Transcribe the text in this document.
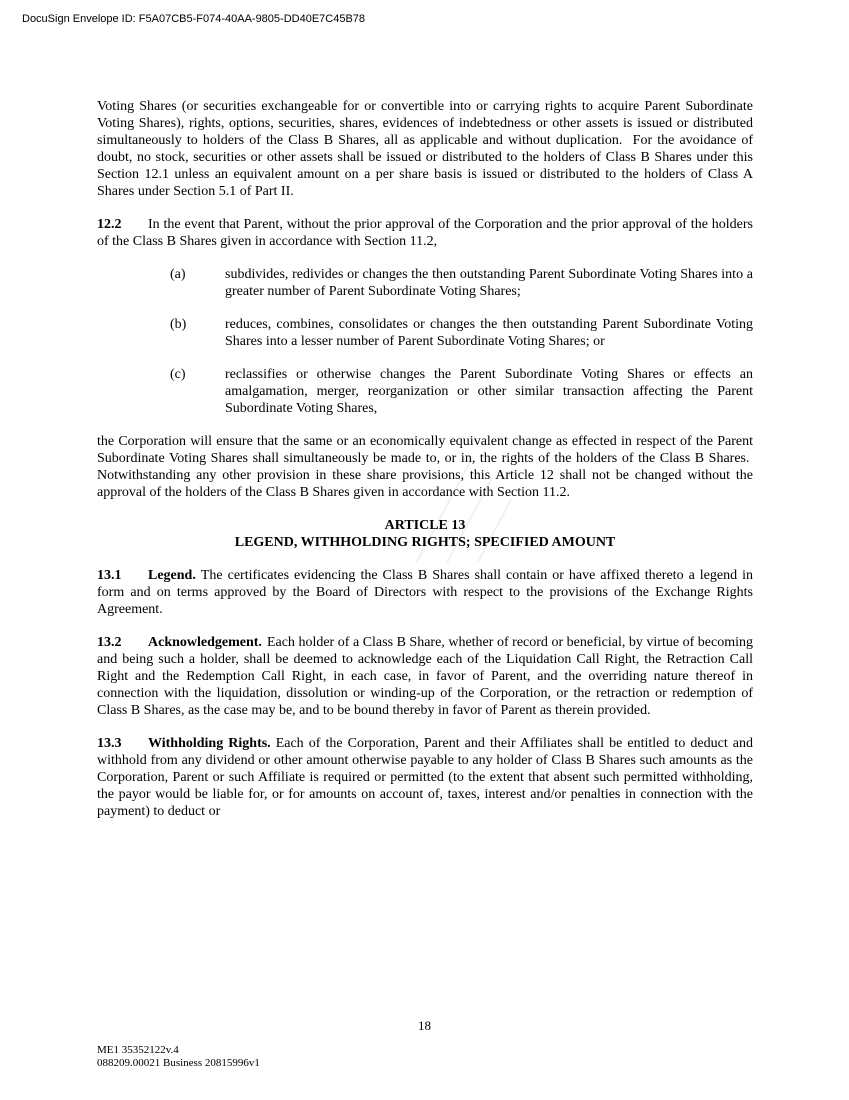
DocuSign Envelope ID: F5A07CB5-F074-40AA-9805-DD40E7C45B78

Voting Shares (or securities exchangeable for or convertible into or carrying rights to acquire Parent Subordinate Voting Shares), rights, options, securities, shares, evidences of indebtedness or other assets is issued or distributed simultaneously to holders of the Class B Shares, all as applicable and without duplication.  For the avoidance of doubt, no stock, securities or other assets shall be issued or distributed to the holders of Class B Shares under this Section 12.1 unless an equivalent amount on a per share basis is issued or distributed to the holders of Class A Shares under Section 5.1 of Part II.

12.2 In the event that Parent, without the prior approval of the Corporation and the prior approval of the holders of the Class B Shares given in accordance with Section 11.2,

(a)	subdivides, redivides or changes the then outstanding Parent Subordinate Voting Shares into a greater number of Parent Subordinate Voting Shares;
(b)	reduces, combines, consolidates or changes the then outstanding Parent Subordinate Voting Shares into a lesser number of Parent Subordinate Voting Shares; or
(c)	reclassifies or otherwise changes the Parent Subordinate Voting Shares or effects an amalgamation, merger, reorganization or other similar transaction affecting the Parent Subordinate Voting Shares,

the Corporation will ensure that the same or an economically equivalent change as effected in respect of the Parent Subordinate Voting Shares shall simultaneously be made to, or in, the rights of the holders of the Class B Shares.  Notwithstanding any other provision in these share provisions, this Article 12 shall not be changed without the approval of the holders of the Class B Shares given in accordance with Section 11.2.

ARTICLE 13
LEGEND, WITHHOLDING RIGHTS; SPECIFIED AMOUNT

13.1 Legend. The certificates evidencing the Class B Shares shall contain or have affixed thereto a legend in form and on terms approved by the Board of Directors with respect to the provisions of the Exchange Rights Agreement.

13.2 Acknowledgement. Each holder of a Class B Share, whether of record or beneficial, by virtue of becoming and being such a holder, shall be deemed to acknowledge each of the Liquidation Call Right, the Retraction Call Right and the Redemption Call Right, in each case, in favor of Parent, and the overriding nature thereof in connection with the liquidation, dissolution or winding-up of the Corporation, or the retraction or redemption of Class B Shares, as the case may be, and to be bound thereby in favor of Parent as therein provided.

13.3 Withholding Rights. Each of the Corporation, Parent and their Affiliates shall be entitled to deduct and withhold from any dividend or other amount otherwise payable to any holder of Class B Shares such amounts as the Corporation, Parent or such Affiliate is required or permitted (to the extent that absent such permitted withholding, the payor would be liable for, or for amounts on account of, taxes, interest and/or penalties in connection with the payment) to deduct or

18
ME1 35352122v.4
088209.00021 Business 20815996v1
